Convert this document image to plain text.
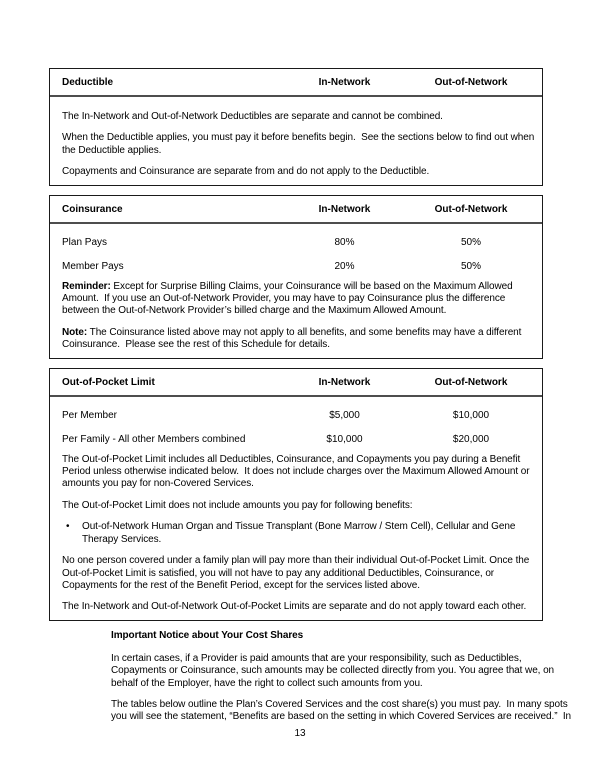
Deductible	In-Network	Out-of-Network
The In-Network and Out-of-Network Deductibles are separate and cannot be combined.
When the Deductible applies, you must pay it before benefits begin.  See the sections below to find out when the Deductible applies.
Copayments and Coinsurance are separate from and do not apply to the Deductible.
Coinsurance	In-Network	Out-of-Network
Plan Pays	80%	50%
Member Pays	20%	50%
Reminder: Except for Surprise Billing Claims, your Coinsurance will be based on the Maximum Allowed Amount.  If you use an Out-of-Network Provider, you may have to pay Coinsurance plus the difference between the Out-of-Network Provider’s billed charge and the Maximum Allowed Amount.
Note: The Coinsurance listed above may not apply to all benefits, and some benefits may have a different Coinsurance.  Please see the rest of this Schedule for details.
Out-of-Pocket Limit	In-Network	Out-of-Network
Per Member	$5,000	$10,000
Per Family - All other Members combined	$10,000	$20,000
The Out-of-Pocket Limit includes all Deductibles, Coinsurance, and Copayments you pay during a Benefit Period unless otherwise indicated below.  It does not include charges over the Maximum Allowed Amount or amounts you pay for non-Covered Services.
The Out-of-Pocket Limit does not include amounts you pay for following benefits:
•
Out-of-Network Human Organ and Tissue Transplant (Bone Marrow / Stem Cell), Cellular and Gene Therapy Services.
No one person covered under a family plan will pay more than their individual Out-of-Pocket Limit. Once the Out-of-Pocket Limit is satisfied, you will not have to pay any additional Deductibles, Coinsurance, or Copayments for the rest of the Benefit Period, except for the services listed above.
The In-Network and Out-of-Network Out-of-Pocket Limits are separate and do not apply toward each other.
Important Notice about Your Cost Shares
In certain cases, if a Provider is paid amounts that are your responsibility, such as Deductibles, Copayments or Coinsurance, such amounts may be collected directly from you. You agree that we, on behalf of the Employer, have the right to collect such amounts from you.
The tables below outline the Plan’s Covered Services and the cost share(s) you must pay.  In many spots you will see the statement, “Benefits are based on the setting in which Covered Services are received.”  In
13
